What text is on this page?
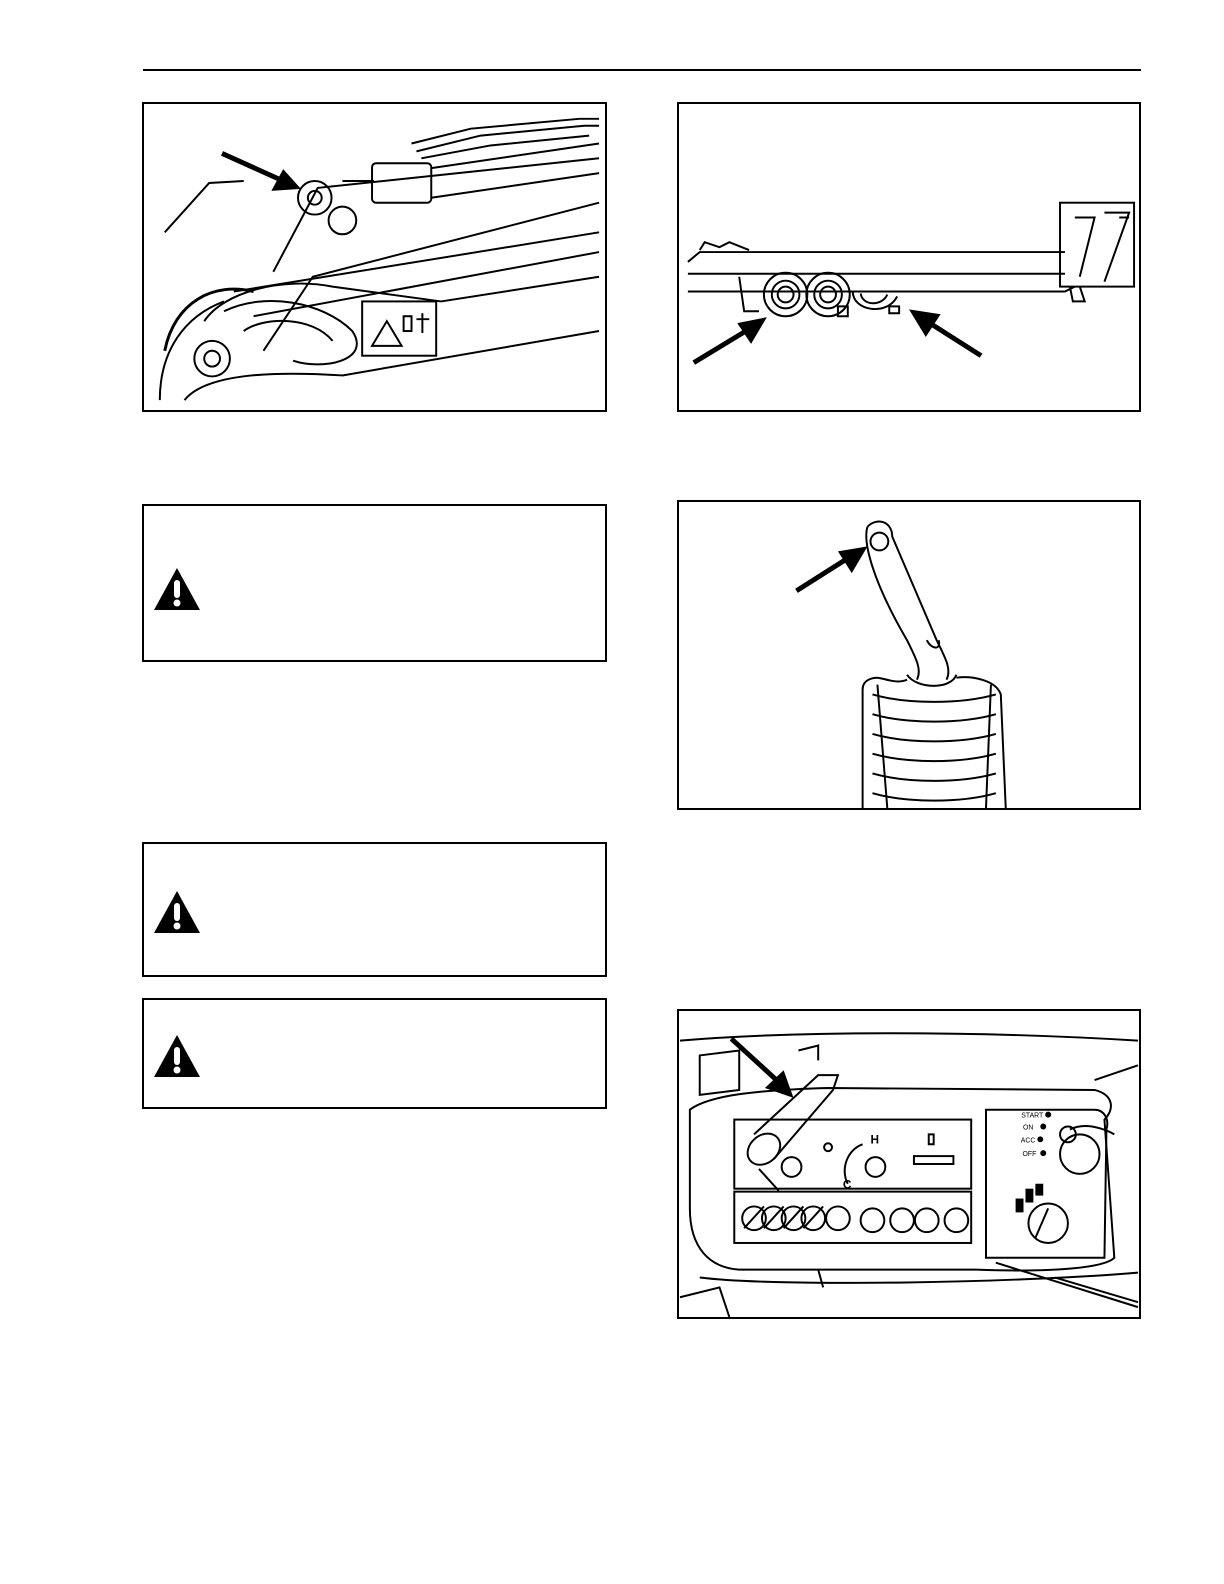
START
ON
ACC
OFF
H
C
